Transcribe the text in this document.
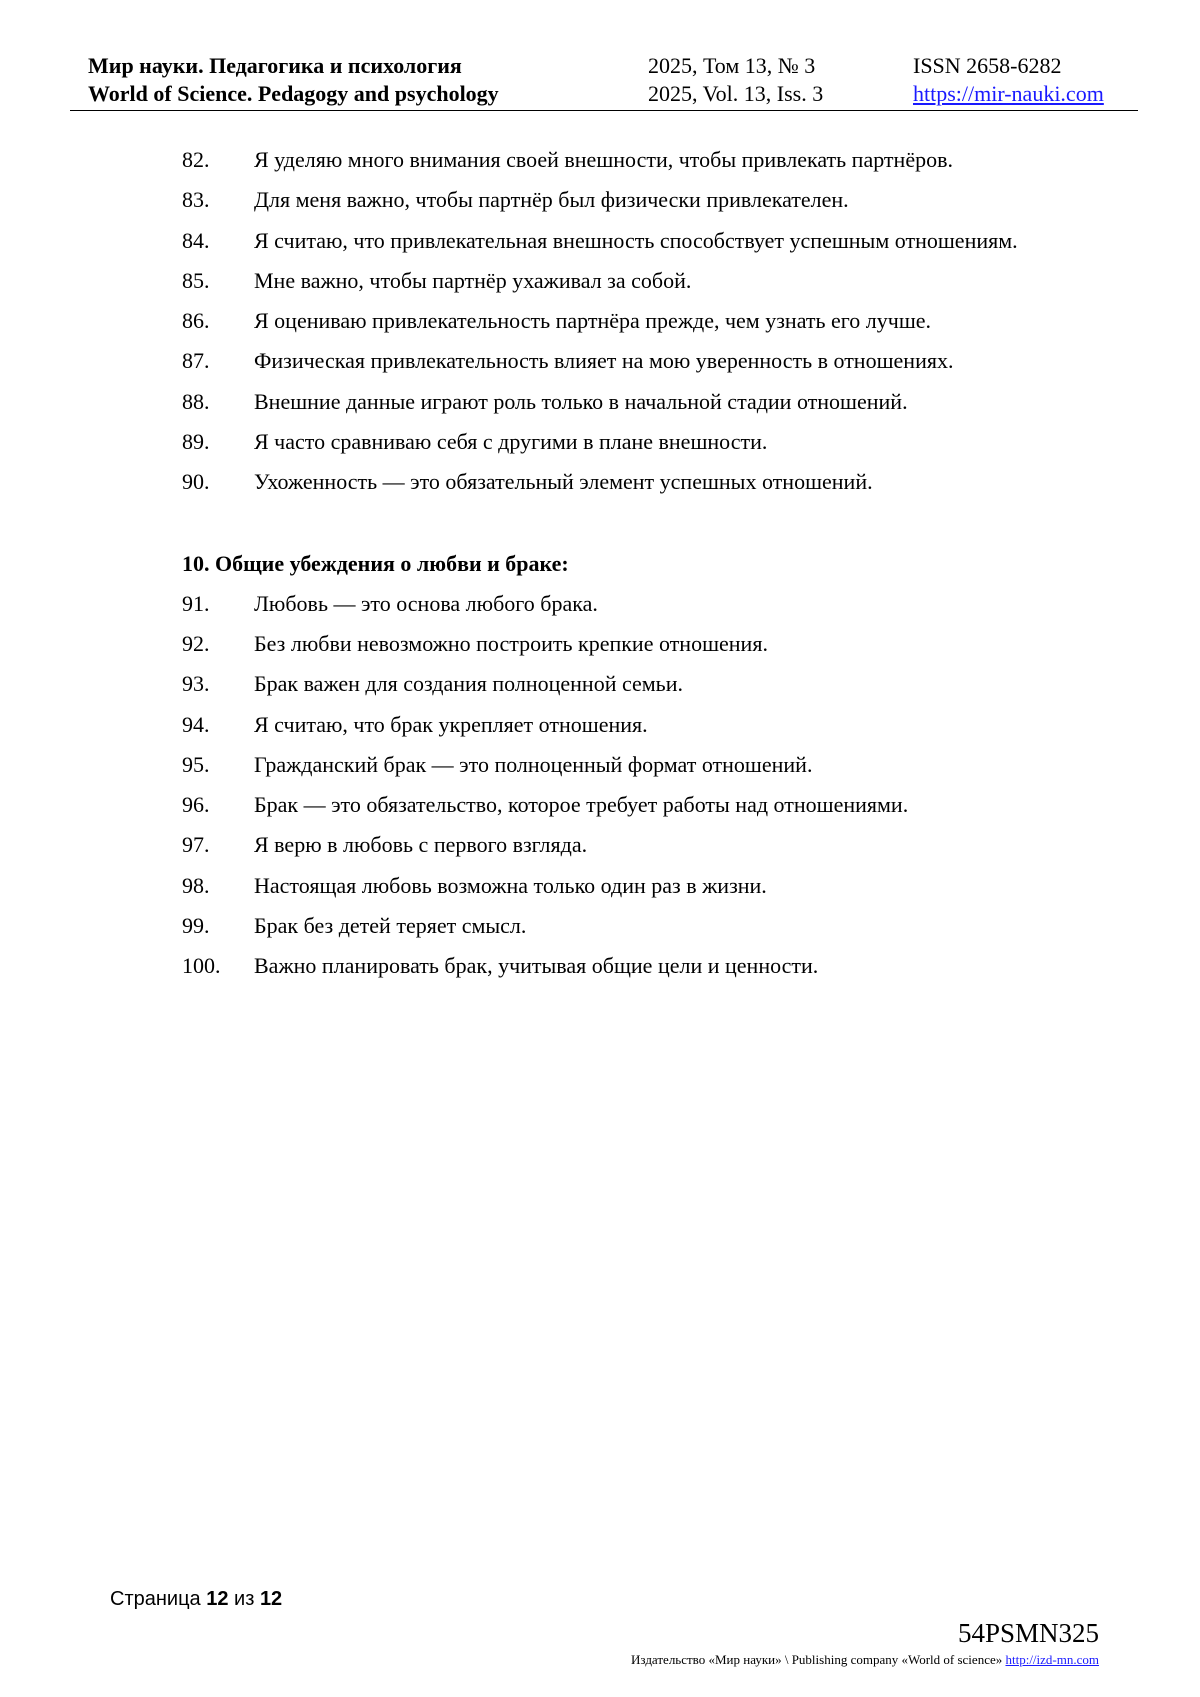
Мир науки. Педагогика и психология
World of Science. Pedagogy and psychology
2025, Том 13, № 3
2025, Vol. 13, Iss. 3
ISSN 2658-6282
https://mir-nauki.com
82. Я уделяю много внимания своей внешности, чтобы привлекать партнёров.
83. Для меня важно, чтобы партнёр был физически привлекателен.
84. Я считаю, что привлекательная внешность способствует успешным отношениям.
85. Мне важно, чтобы партнёр ухаживал за собой.
86. Я оцениваю привлекательность партнёра прежде, чем узнать его лучше.
87. Физическая привлекательность влияет на мою уверенность в отношениях.
88. Внешние данные играют роль только в начальной стадии отношений.
89. Я часто сравниваю себя с другими в плане внешности.
90. Ухоженность — это обязательный элемент успешных отношений.
10. Общие убеждения о любви и браке:
91. Любовь — это основа любого брака.
92. Без любви невозможно построить крепкие отношения.
93. Брак важен для создания полноценной семьи.
94. Я считаю, что брак укрепляет отношения.
95. Гражданский брак — это полноценный формат отношений.
96. Брак — это обязательство, которое требует работы над отношениями.
97. Я верю в любовь с первого взгляда.
98. Настоящая любовь возможна только один раз в жизни.
99. Брак без детей теряет смысл.
100. Важно планировать брак, учитывая общие цели и ценности.
Страница 12 из 12
54PSMN325
Издательство «Мир науки» \ Publishing company «World of science» http://izd-mn.com
